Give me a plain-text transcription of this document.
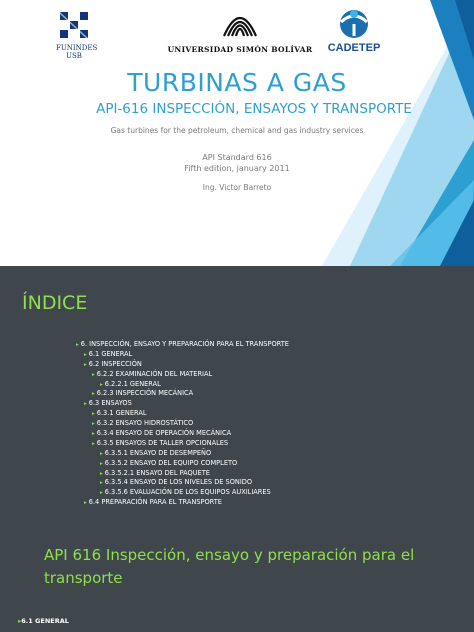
FUNINDES
USB
UNIVERSIDAD SIMÓN BOLÍVAR	CADETEP
TURBINAS A GAS
API-616 INSPECCIÓN, ENSAYOS Y TRANSPORTE
Gas turbines for the petroleum, chemical and gas industry services
API Standard 616
Fifth edition, january 2011
Ing. Victor Barreto
ÍNDICE
▸ 6. INSPECCIÓN, ENSAYO Y PREPARACIÓN PARA EL TRANSPORTE
▸ 6.1 GENERAL
▸ 6.2 INSPECCIÓN
▸ 6.2.2 EXAMINACIÓN DEL MATERIAL
▸ 6.2.2.1 GENERAL
▸ 6.2.3 INSPECCIÓN MECÁNICA
▸ 6.3 ENSAYOS
▸ 6.3.1 GENERAL
▸ 6.3.2 ENSAYO HIDROSTÁTICO
▸ 6.3.4 ENSAYO DE OPERACIÓN MECÁNICA
▸ 6.3.5 ENSAYOS DE TALLER OPCIONALES
▸ 6.3.5.1 ENSAYO DE DESEMPEÑO
▸ 6.3.5.2 ENSAYO DEL EQUIPO COMPLETO
▸ 6.3.5.2.1 ENSAYO DEL PAQUETE
▸ 6.3.5.4 ENSAYO DE LOS NIVELES DE SONIDO
▸ 6.3.5.6 EVALUACIÓN DE LOS EQUIPOS AUXILIARES
▸ 6.4 PREPARACIÓN PARA EL TRANSPORTE
API 616 Inspección, ensayo y preparación para el transporte
▸6.1 GENERAL
